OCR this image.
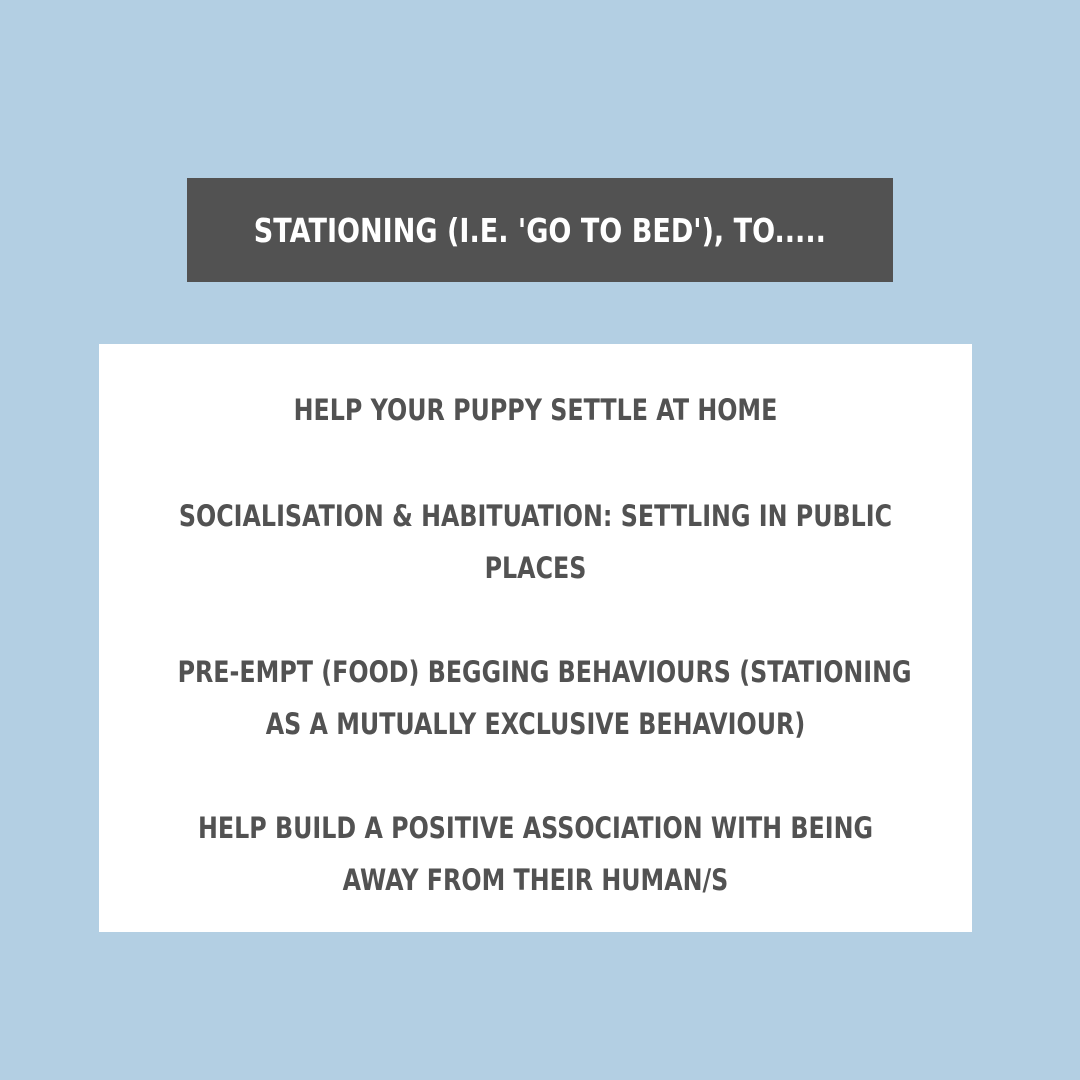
STATIONING (I.E. 'GO TO BED'), TO.....
HELP YOUR PUPPY SETTLE AT HOME
SOCIALISATION & HABITUATION: SETTLING IN PUBLIC
PLACES
PRE-EMPT (FOOD) BEGGING BEHAVIOURS (STATIONING
AS A MUTUALLY EXCLUSIVE BEHAVIOUR)
HELP BUILD A POSITIVE ASSOCIATION WITH BEING
AWAY FROM THEIR HUMAN/S
